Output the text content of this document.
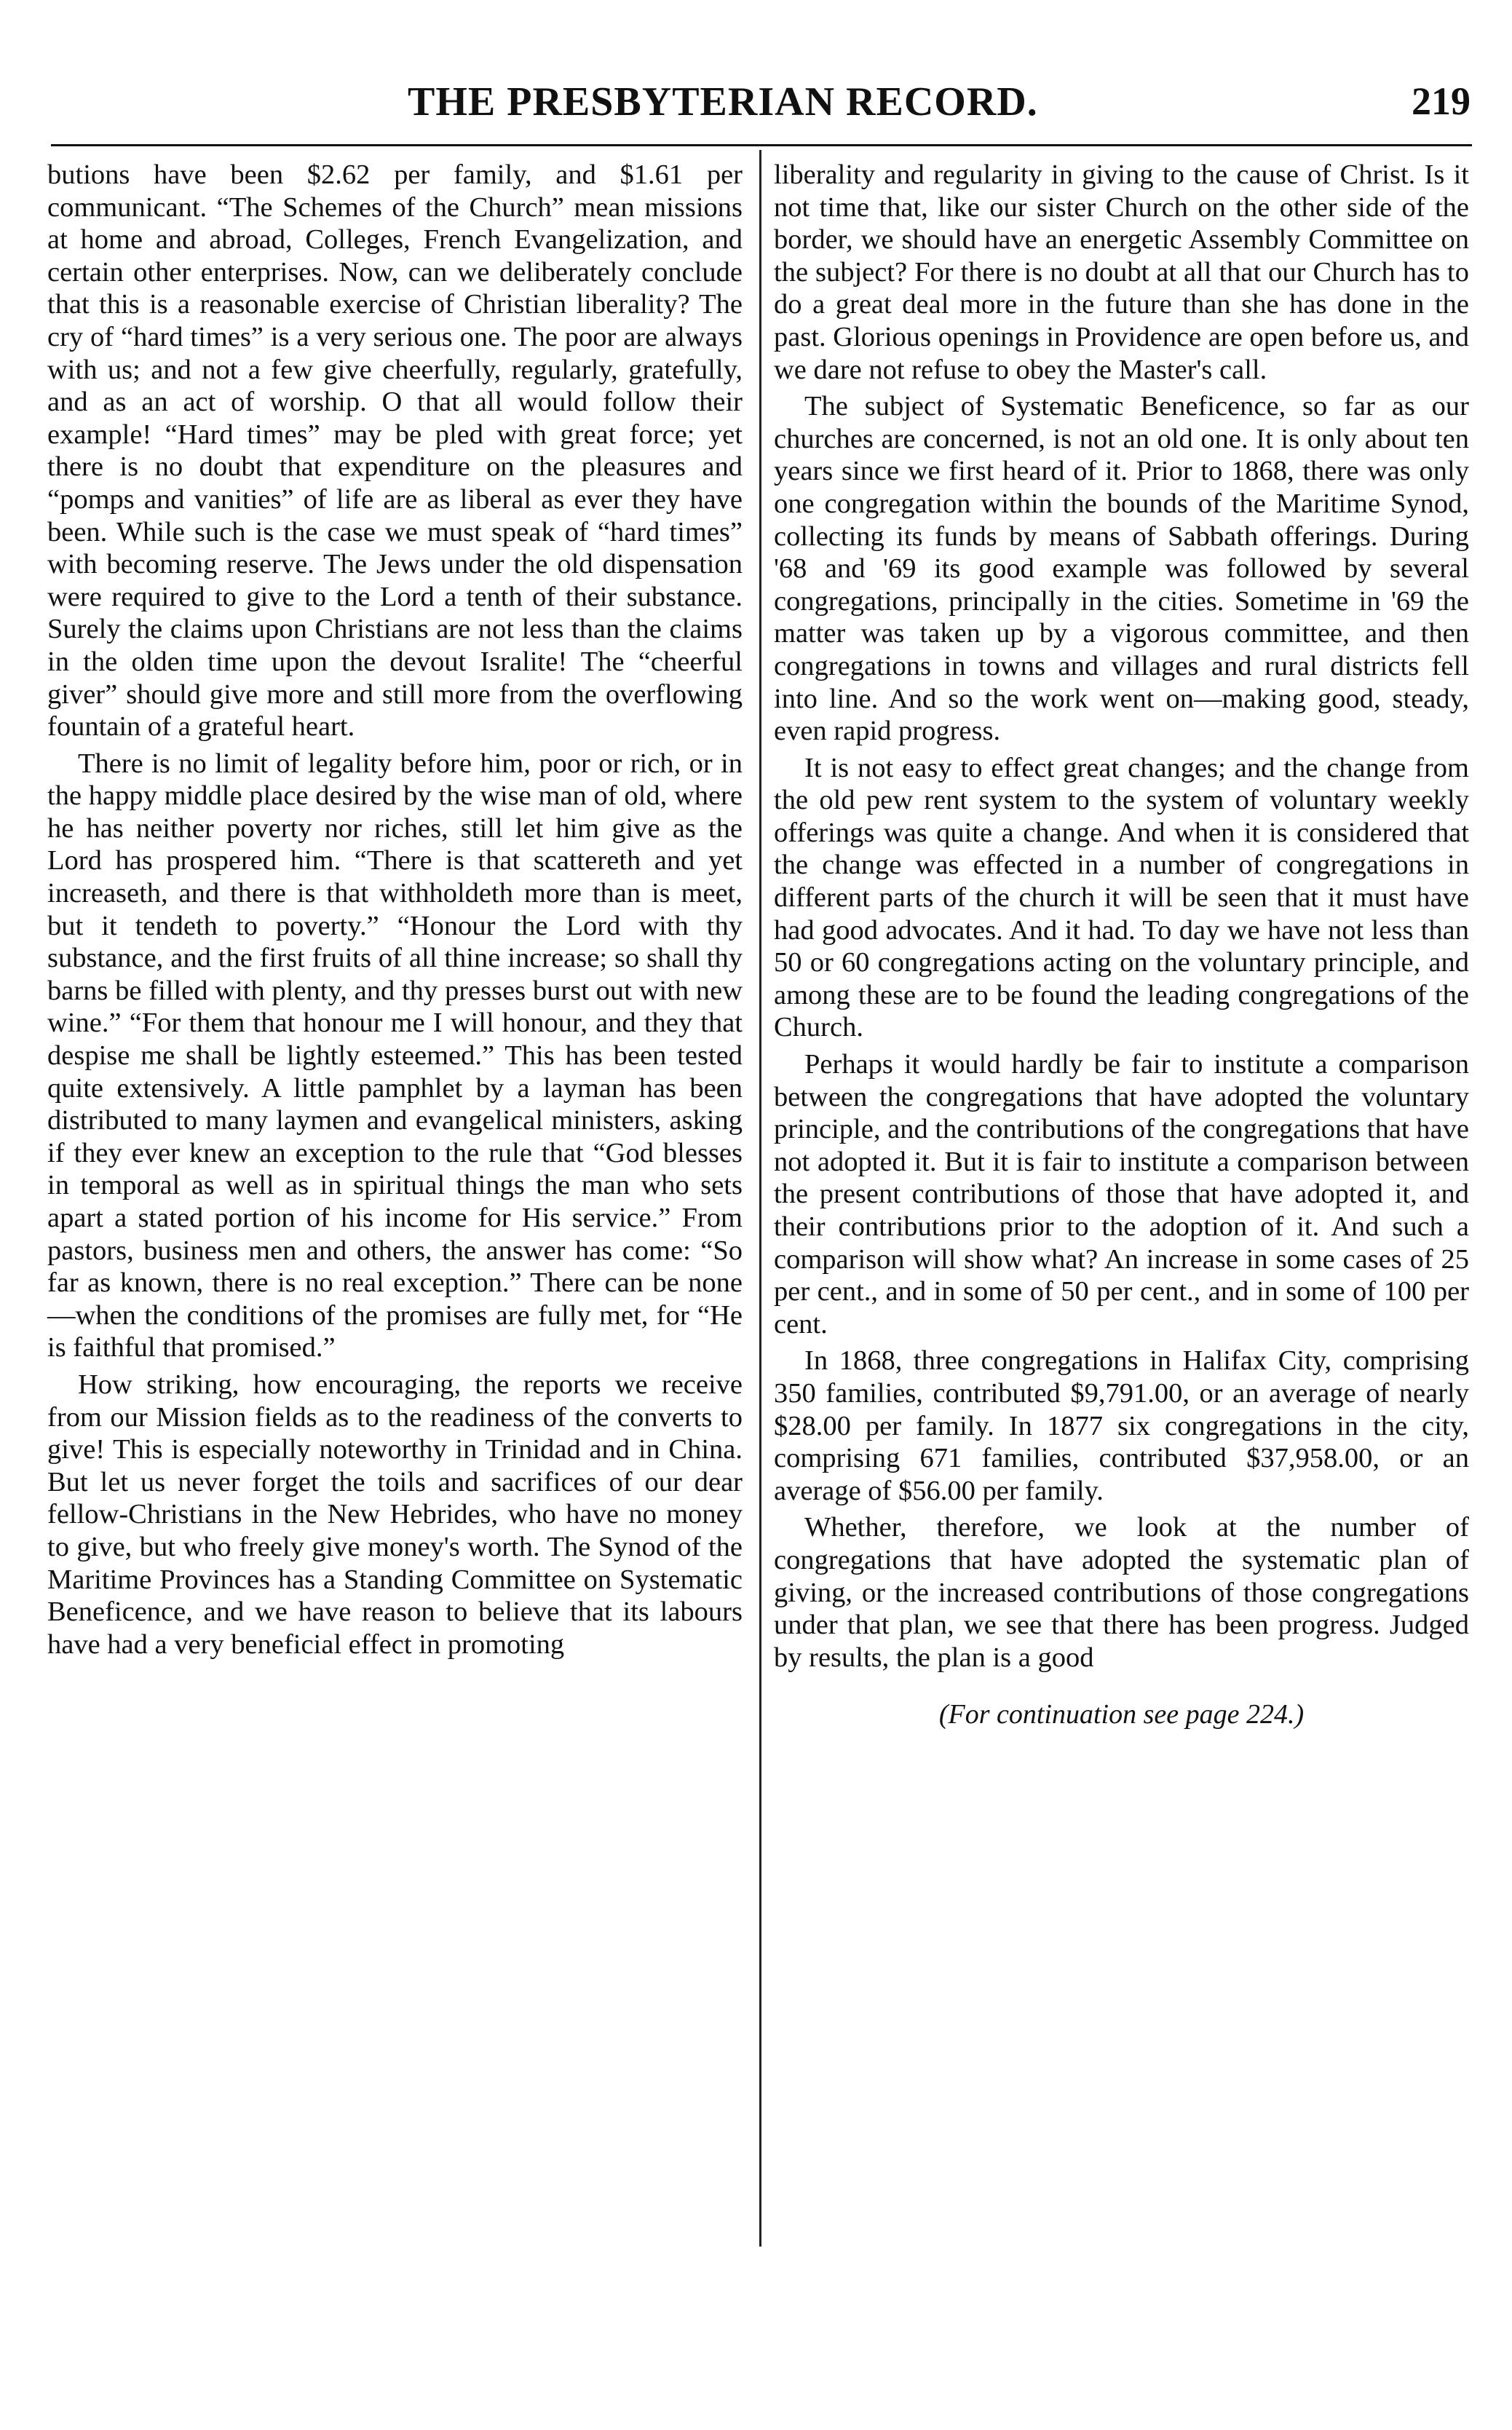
THE PRESBYTERIAN RECORD.	219

butions have been $2.62 per family, and $1.61 per communicant. “The Schemes of the Church” mean missions at home and abroad, Colleges, French Evangelization, and certain other enterprises. Now, can we deliberately conclude that this is a reasonable exercise of Christian liberality? The cry of “hard times” is a very serious one. The poor are always with us; and not a few give cheerfully, regularly, gratefully, and as an act of worship. O that all would follow their example! “Hard times” may be pled with great force; yet there is no doubt that expenditure on the pleasures and “pomps and vanities” of life are as liberal as ever they have been. While such is the case we must speak of “hard times” with becoming reserve. The Jews under the old dispensation were required to give to the Lord a tenth of their substance. Surely the claims upon Christians are not less than the claims in the olden time upon the devout Isralite! The “cheerful giver” should give more and still more from the overflowing fountain of a grateful heart.

There is no limit of legality before him, poor or rich, or in the happy middle place desired by the wise man of old, where he has neither poverty nor riches, still let him give as the Lord has prospered him. “There is that scattereth and yet increaseth, and there is that withholdeth more than is meet, but it tendeth to poverty.” “Honour the Lord with thy substance, and the first fruits of all thine increase; so shall thy barns be filled with plenty, and thy presses burst out with new wine.” “For them that honour me I will honour, and they that despise me shall be lightly esteemed.” This has been tested quite extensively. A little pamphlet by a layman has been distributed to many laymen and evangelical ministers, asking if they ever knew an exception to the rule that “God blesses in temporal as well as in spiritual things the man who sets apart a stated portion of his income for His service.” From pastors, business men and others, the answer has come: “So far as known, there is no real exception.” There can be none—when the conditions of the promises are fully met, for “He is faithful that promised.”

How striking, how encouraging, the reports we receive from our Mission fields as to the readiness of the converts to give! This is especially noteworthy in Trinidad and in China. But let us never forget the toils and sacrifices of our dear fellow-Christians in the New Hebrides, who have no money to give, but who freely give money's worth. The Synod of the Maritime Provinces has a Standing Committee on Systematic Beneficence, and we have reason to believe that its labours have had a very beneficial effect in promoting

liberality and regularity in giving to the cause of Christ. Is it not time that, like our sister Church on the other side of the border, we should have an energetic Assembly Committee on the subject? For there is no doubt at all that our Church has to do a great deal more in the future than she has done in the past. Glorious openings in Providence are open before us, and we dare not refuse to obey the Master's call.

The subject of Systematic Beneficence, so far as our churches are concerned, is not an old one. It is only about ten years since we first heard of it. Prior to 1868, there was only one congregation within the bounds of the Maritime Synod, collecting its funds by means of Sabbath offerings. During '68 and '69 its good example was followed by several congregations, principally in the cities. Sometime in '69 the matter was taken up by a vigorous committee, and then congregations in towns and villages and rural districts fell into line. And so the work went on—making good, steady, even rapid progress.

It is not easy to effect great changes; and the change from the old pew rent system to the system of voluntary weekly offerings was quite a change. And when it is considered that the change was effected in a number of congregations in different parts of the church it will be seen that it must have had good advocates. And it had. To day we have not less than 50 or 60 congregations acting on the voluntary principle, and among these are to be found the leading congregations of the Church.

Perhaps it would hardly be fair to institute a comparison between the congregations that have adopted the voluntary principle, and the contributions of the congregations that have not adopted it. But it is fair to institute a comparison between the present contributions of those that have adopted it, and their contributions prior to the adoption of it. And such a comparison will show what? An increase in some cases of 25 per cent., and in some of 50 per cent., and in some of 100 per cent.

In 1868, three congregations in Halifax City, comprising 350 families, contributed $9,791.00, or an average of nearly $28.00 per family. In 1877 six congregations in the city, comprising 671 families, contributed $37,958.00, or an average of $56.00 per family.

Whether, therefore, we look at the number of congregations that have adopted the systematic plan of giving, or the increased contributions of those congregations under that plan, we see that there has been progress. Judged by results, the plan is a good

(For continuation see page 224.)
